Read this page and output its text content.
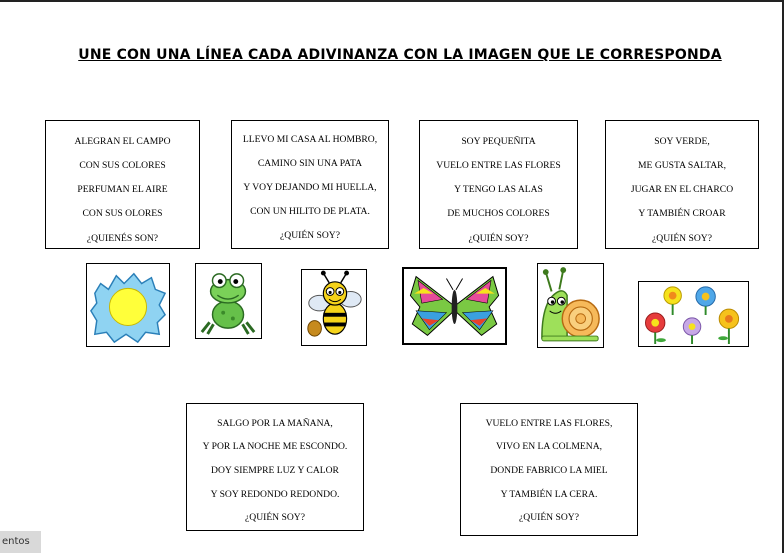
UNE CON UNA LÍNEA CADA ADIVINANZA CON LA IMAGEN QUE LE CORRESPONDA
ALEGRAN EL CAMPO
CON SUS COLORES
PERFUMAN EL AIRE
CON SUS OLORES
¿QUIENÉS SON?
LLEVO MI CASA AL HOMBRO,
CAMINO SIN UNA PATA
Y VOY DEJANDO MI HUELLA,
CON UN HILITO DE PLATA.
¿QUIÉN SOY?
SOY PEQUEÑITA
VUELO ENTRE LAS FLORES
Y TENGO LAS ALAS
DE MUCHOS COLORES
¿QUIÉN SOY?
SOY VERDE,
ME GUSTA SALTAR,
JUGAR EN EL CHARCO
Y TAMBIÉN CROAR
¿QUIÉN SOY?
SALGO POR LA MAÑANA,
Y POR LA NOCHE ME ESCONDO.
DOY SIEMPRE LUZ Y CALOR
Y SOY REDONDO REDONDO.
¿QUIÉN SOY?
VUELO ENTRE LAS FLORES,
VIVO EN LA COLMENA,
DONDE FABRICO LA MIEL
Y TAMBIÉN LA CERA.
¿QUIÉN SOY?
entos
